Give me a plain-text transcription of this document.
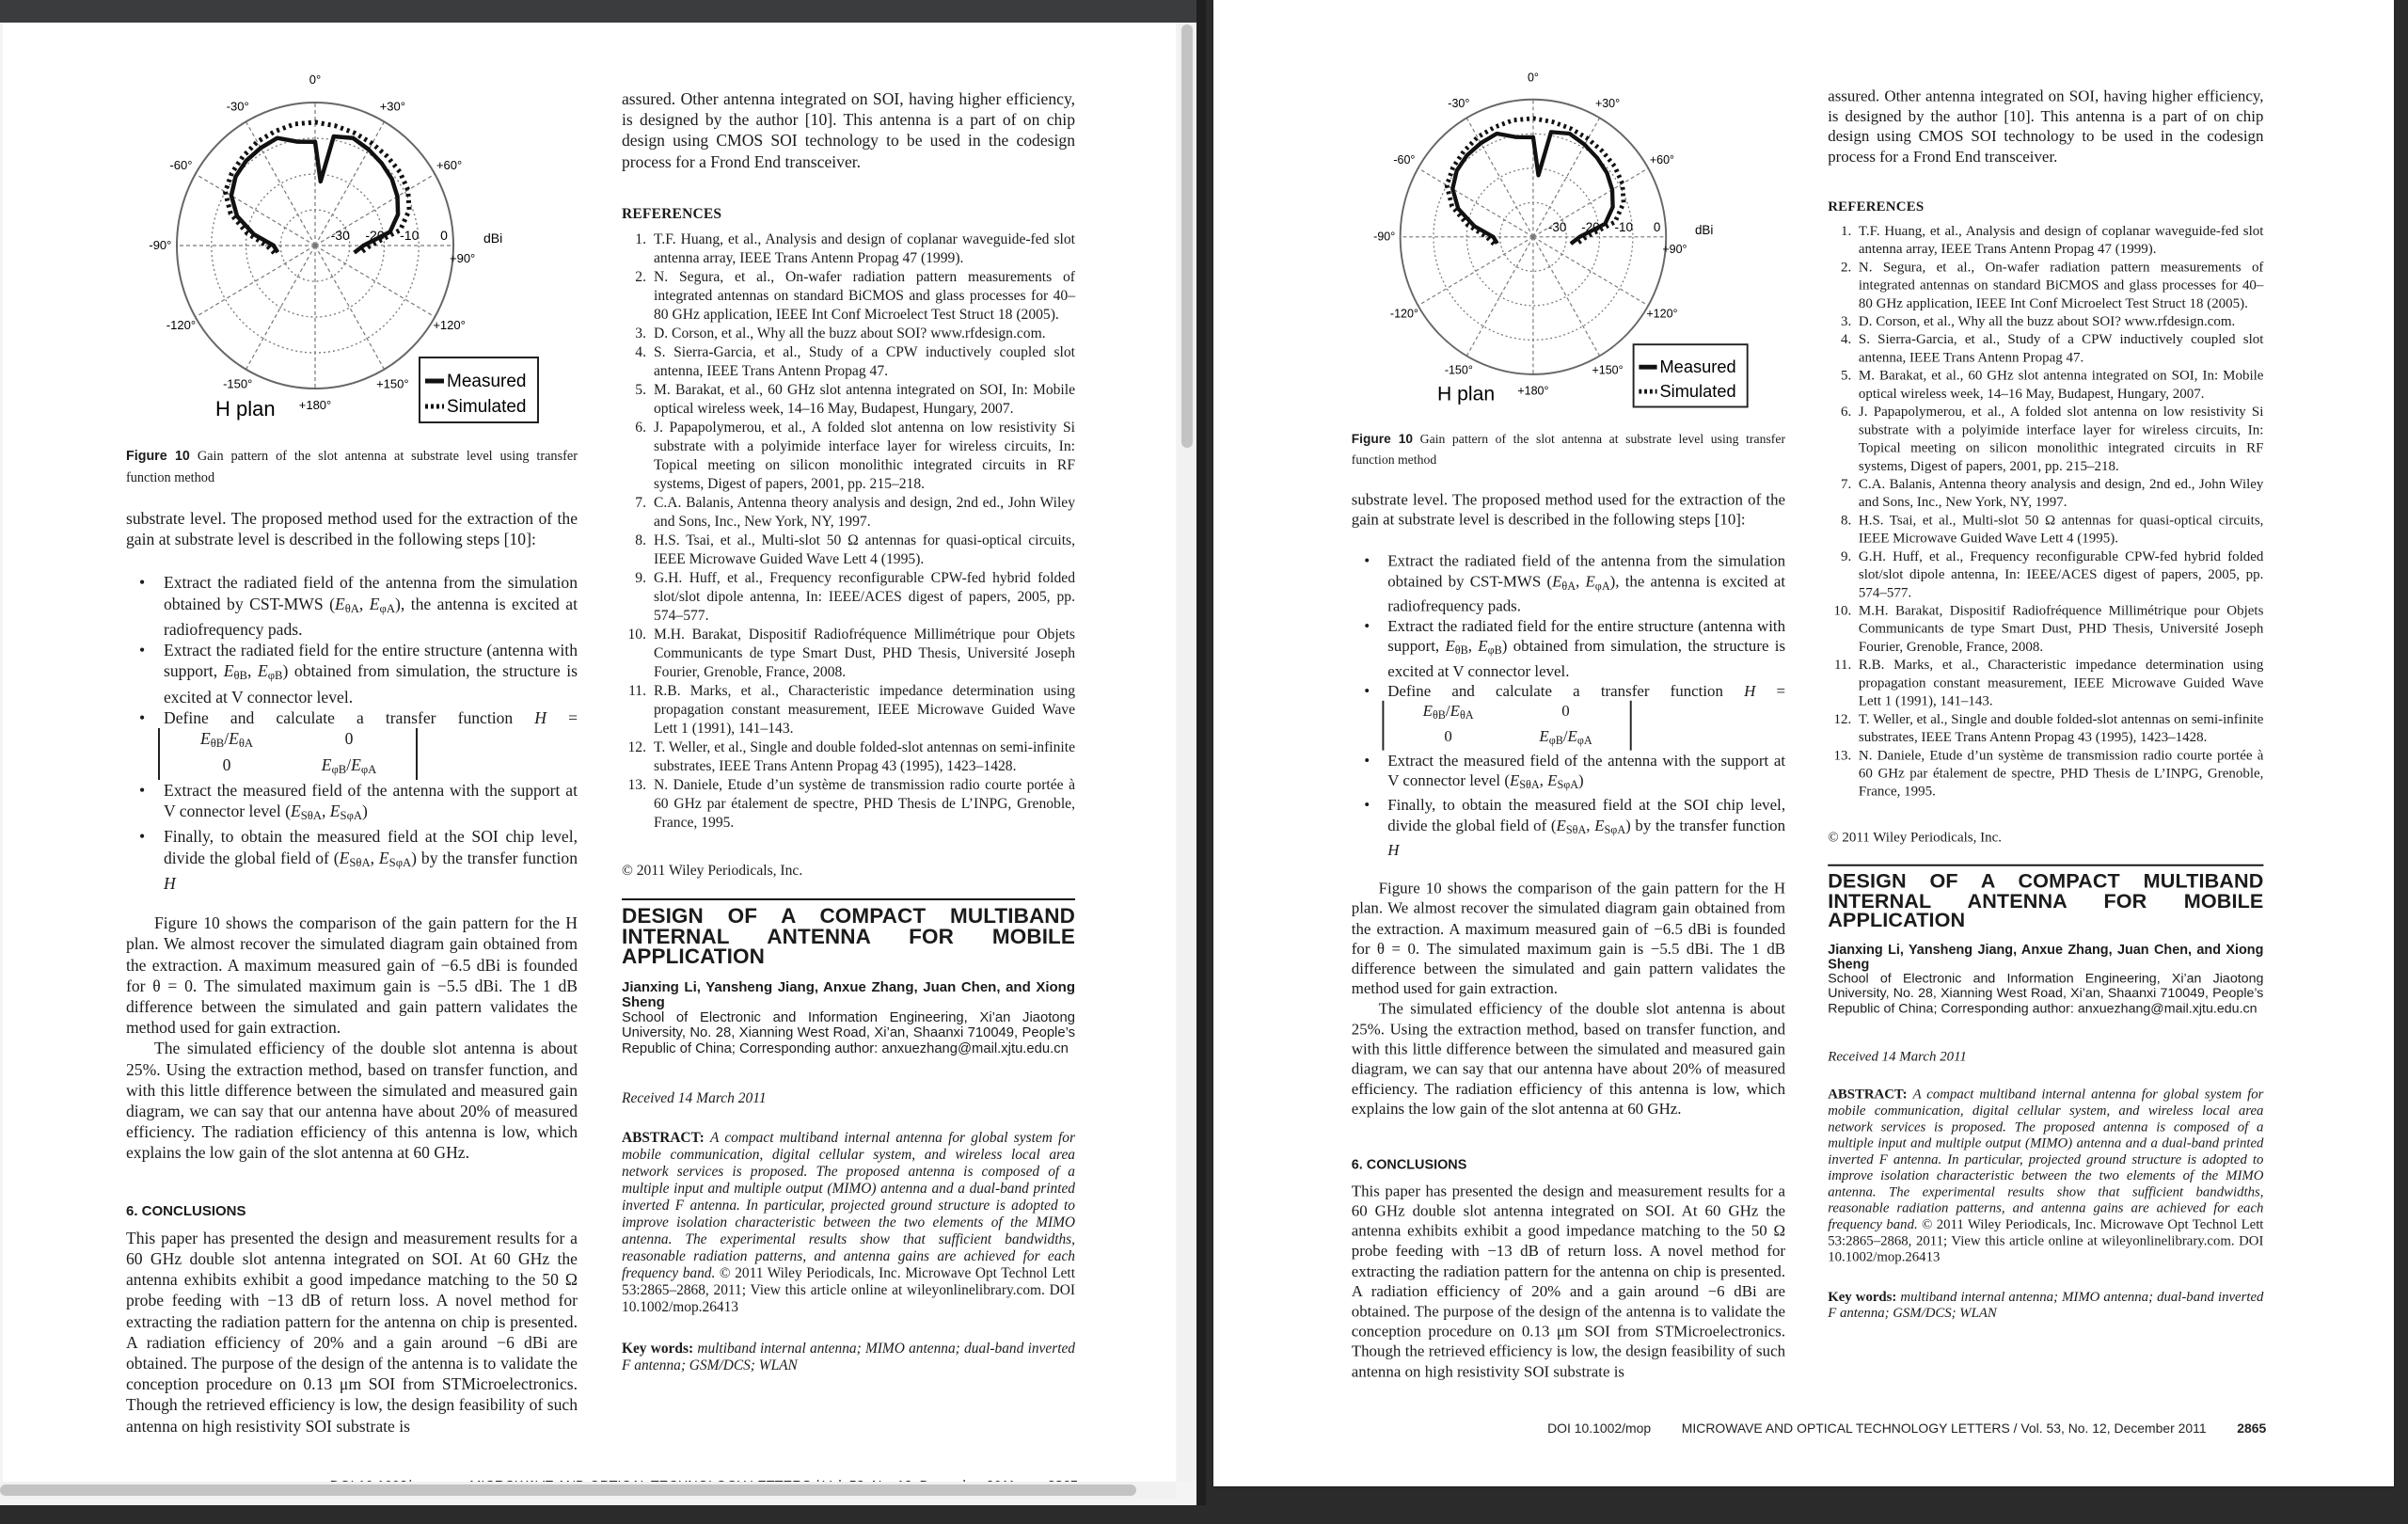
0°
+30°
+60°
+90°
+120°
+150°
+180°
-150°
-120°
-90°
-60°
-30°
-30 -20 -10 0	dBi
H plan
Measured
Simulated
Figure 10 Gain pattern of the slot antenna at substrate level using transfer function method

substrate level. The proposed method used for the extraction of the gain at substrate level is described in the following steps [10]:

• Extract the radiated field of the antenna from the simulation obtained by CST-MWS ($E_{\theta A}$, $E_{\varphi A}$), the antenna is excited at radiofrequency pads.
• Extract the radiated field for the entire structure (antenna with support, $E_{\theta B}$, $E_{\varphi B}$) obtained from simulation, the structure is excited at V connector level.
• Define and calculate a transfer function H =
$E_{\theta B}/E_{\theta A}$	0
0	$E_{\varphi B}/E_{\varphi A}$
• Extract the measured field of the antenna with the support at V connector level ($E_{S\theta A}$, $E_{S\varphi A}$)
• Finally, to obtain the measured field at the SOI chip level, divide the global field of ($E_{S\theta A}$, $E_{S\varphi A}$) by the transfer function H

Figure 10 shows the comparison of the gain pattern for the H plan. We almost recover the simulated diagram gain obtained from the extraction. A maximum measured gain of −6.5 dBi is founded for θ = 0. The simulated maximum gain is −5.5 dBi. The 1 dB difference between the simulated and gain pattern validates the method used for gain extraction.

The simulated efficiency of the double slot antenna is about 25%. Using the extraction method, based on transfer function, and with this little difference between the simulated and measured gain diagram, we can say that our antenna have about 20% of measured efficiency. The radiation efficiency of this antenna is low, which explains the low gain of the slot antenna at 60 GHz.

6. CONCLUSIONS

This paper has presented the design and measurement results for a 60 GHz double slot antenna integrated on SOI. At 60 GHz the antenna exhibits exhibit a good impedance matching to the 50 Ω probe feeding with −13 dB of return loss. A novel method for extracting the radiation pattern for the antenna on chip is presented. A radiation efficiency of 20% and a gain around −6 dBi are obtained. The purpose of the design of the antenna is to validate the conception procedure on 0.13 μm SOI from STMicroelectronics. Though the retrieved efficiency is low, the design feasibility of such antenna on high resistivity SOI substrate is

assured. Other antenna integrated on SOI, having higher efficiency, is designed by the author [10]. This antenna is a part of on chip design using CMOS SOI technology to be used in the codesign process for a Frond End transceiver.

REFERENCES
1. T.F. Huang, et al., Analysis and design of coplanar waveguide-fed slot antenna array, IEEE Trans Antenn Propag 47 (1999).
2. N. Segura, et al., On-wafer radiation pattern measurements of integrated antennas on standard BiCMOS and glass processes for 40–80 GHz application, IEEE Int Conf Microelect Test Struct 18 (2005).
3. D. Corson, et al., Why all the buzz about SOI? www.rfdesign.com.
4. S. Sierra-Garcia, et al., Study of a CPW inductively coupled slot antenna, IEEE Trans Antenn Propag 47.
5. M. Barakat, et al., 60 GHz slot antenna integrated on SOI, In: Mobile optical wireless week, 14–16 May, Budapest, Hungary, 2007.
6. J. Papapolymerou, et al., A folded slot antenna on low resistivity Si substrate with a polyimide interface layer for wireless circuits, In: Topical meeting on silicon monolithic integrated circuits in RF systems, Digest of papers, 2001, pp. 215–218.
7. C.A. Balanis, Antenna theory analysis and design, 2nd ed., John Wiley and Sons, Inc., New York, NY, 1997.
8. H.S. Tsai, et al., Multi-slot 50 Ω antennas for quasi-optical circuits, IEEE Microwave Guided Wave Lett 4 (1995).
9. G.H. Huff, et al., Frequency reconfigurable CPW-fed hybrid folded slot/slot dipole antenna, In: IEEE/ACES digest of papers, 2005, pp. 574–577.
10. M.H. Barakat, Dispositif Radiofréquence Millimétrique pour Objets Communicants de type Smart Dust, PHD Thesis, Université Joseph Fourier, Grenoble, France, 2008.
11. R.B. Marks, et al., Characteristic impedance determination using propagation constant measurement, IEEE Microwave Guided Wave Lett 1 (1991), 141–143.
12. T. Weller, et al., Single and double folded-slot antennas on semi-infinite substrates, IEEE Trans Antenn Propag 43 (1995), 1423–1428.
13. N. Daniele, Etude d’un système de transmission radio courte portée à 60 GHz par étalement de spectre, PHD Thesis de L’INPG, Grenoble, France, 1995.
© 2011 Wiley Periodicals, Inc.
DESIGN OF A COMPACT MULTIBAND INTERNAL ANTENNA FOR MOBILE APPLICATION
Jianxing Li, Yansheng Jiang, Anxue Zhang, Juan Chen, and Xiong Sheng
School of Electronic and Information Engineering, Xi’an Jiaotong University, No. 28, Xianning West Road, Xi’an, Shaanxi 710049, People’s Republic of China; Corresponding author: anxuezhang@mail.xjtu.edu.cn
Received 14 March 2011
ABSTRACT: A compact multiband internal antenna for global system for mobile communication, digital cellular system, and wireless local area network services is proposed. The proposed antenna is composed of a multiple input and multiple output (MIMO) antenna and a dual-band printed inverted F antenna. In particular, projected ground structure is adopted to improve isolation characteristic between the two elements of the MIMO antenna. The experimental results show that sufficient bandwidths, reasonable radiation patterns, and antenna gains are achieved for each frequency band. © 2011 Wiley Periodicals, Inc. Microwave Opt Technol Lett 53:2865–2868, 2011; View this article online at wileyonlinelibrary.com. DOI 10.1002/mop.26413
Key words: multiband internal antenna; MIMO antenna; dual-band inverted F antenna; GSM/DCS; WLAN
0°
+30°
+60°
+90°
+120°
+150°
+180°
-150°
-120°
-90°
-60°
-30°
-30 -20 -10 0	dBi
H plan
Measured
Simulated
Figure 10 Gain pattern of the slot antenna at substrate level using transfer function method

substrate level. The proposed method used for the extraction of the gain at substrate level is described in the following steps [10]:

• Extract the radiated field of the antenna from the simulation obtained by CST-MWS ($E_{\theta A}$, $E_{\varphi A}$), the antenna is excited at radiofrequency pads.
• Extract the radiated field for the entire structure (antenna with support, $E_{\theta B}$, $E_{\varphi B}$) obtained from simulation, the structure is excited at V connector level.
• Define and calculate a transfer function H =
$E_{\theta B}/E_{\theta A}$	0
0	$E_{\varphi B}/E_{\varphi A}$
• Extract the measured field of the antenna with the support at V connector level ($E_{S\theta A}$, $E_{S\varphi A}$)
• Finally, to obtain the measured field at the SOI chip level, divide the global field of ($E_{S\theta A}$, $E_{S\varphi A}$) by the transfer function H

Figure 10 shows the comparison of the gain pattern for the H plan. We almost recover the simulated diagram gain obtained from the extraction. A maximum measured gain of −6.5 dBi is founded for θ = 0. The simulated maximum gain is −5.5 dBi. The 1 dB difference between the simulated and gain pattern validates the method used for gain extraction.

The simulated efficiency of the double slot antenna is about 25%. Using the extraction method, based on transfer function, and with this little difference between the simulated and measured gain diagram, we can say that our antenna have about 20% of measured efficiency. The radiation efficiency of this antenna is low, which explains the low gain of the slot antenna at 60 GHz.

6. CONCLUSIONS

This paper has presented the design and measurement results for a 60 GHz double slot antenna integrated on SOI. At 60 GHz the antenna exhibits exhibit a good impedance matching to the 50 Ω probe feeding with −13 dB of return loss. A novel method for extracting the radiation pattern for the antenna on chip is presented. A radiation efficiency of 20% and a gain around −6 dBi are obtained. The purpose of the design of the antenna is to validate the conception procedure on 0.13 μm SOI from STMicroelectronics. Though the retrieved efficiency is low, the design feasibility of such antenna on high resistivity SOI substrate is

assured. Other antenna integrated on SOI, having higher efficiency, is designed by the author [10]. This antenna is a part of on chip design using CMOS SOI technology to be used in the codesign process for a Frond End transceiver.

REFERENCES
1. T.F. Huang, et al., Analysis and design of coplanar waveguide-fed slot antenna array, IEEE Trans Antenn Propag 47 (1999).
2. N. Segura, et al., On-wafer radiation pattern measurements of integrated antennas on standard BiCMOS and glass processes for 40–80 GHz application, IEEE Int Conf Microelect Test Struct 18 (2005).
3. D. Corson, et al., Why all the buzz about SOI? www.rfdesign.com.
4. S. Sierra-Garcia, et al., Study of a CPW inductively coupled slot antenna, IEEE Trans Antenn Propag 47.
5. M. Barakat, et al., 60 GHz slot antenna integrated on SOI, In: Mobile optical wireless week, 14–16 May, Budapest, Hungary, 2007.
6. J. Papapolymerou, et al., A folded slot antenna on low resistivity Si substrate with a polyimide interface layer for wireless circuits, In: Topical meeting on silicon monolithic integrated circuits in RF systems, Digest of papers, 2001, pp. 215–218.
7. C.A. Balanis, Antenna theory analysis and design, 2nd ed., John Wiley and Sons, Inc., New York, NY, 1997.
8. H.S. Tsai, et al., Multi-slot 50 Ω antennas for quasi-optical circuits, IEEE Microwave Guided Wave Lett 4 (1995).
9. G.H. Huff, et al., Frequency reconfigurable CPW-fed hybrid folded slot/slot dipole antenna, In: IEEE/ACES digest of papers, 2005, pp. 574–577.
10. M.H. Barakat, Dispositif Radiofréquence Millimétrique pour Objets Communicants de type Smart Dust, PHD Thesis, Université Joseph Fourier, Grenoble, France, 2008.
11. R.B. Marks, et al., Characteristic impedance determination using propagation constant measurement, IEEE Microwave Guided Wave Lett 1 (1991), 141–143.
12. T. Weller, et al., Single and double folded-slot antennas on semi-infinite substrates, IEEE Trans Antenn Propag 43 (1995), 1423–1428.
13. N. Daniele, Etude d’un système de transmission radio courte portée à 60 GHz par étalement de spectre, PHD Thesis de L’INPG, Grenoble, France, 1995.
© 2011 Wiley Periodicals, Inc.
DESIGN OF A COMPACT MULTIBAND INTERNAL ANTENNA FOR MOBILE APPLICATION
Jianxing Li, Yansheng Jiang, Anxue Zhang, Juan Chen, and Xiong Sheng
School of Electronic and Information Engineering, Xi’an Jiaotong University, No. 28, Xianning West Road, Xi’an, Shaanxi 710049, People’s Republic of China; Corresponding author: anxuezhang@mail.xjtu.edu.cn
Received 14 March 2011
ABSTRACT: A compact multiband internal antenna for global system for mobile communication, digital cellular system, and wireless local area network services is proposed. The proposed antenna is composed of a multiple input and multiple output (MIMO) antenna and a dual-band printed inverted F antenna. In particular, projected ground structure is adopted to improve isolation characteristic between the two elements of the MIMO antenna. The experimental results show that sufficient bandwidths, reasonable radiation patterns, and antenna gains are achieved for each frequency band. © 2011 Wiley Periodicals, Inc. Microwave Opt Technol Lett 53:2865–2868, 2011; View this article online at wileyonlinelibrary.com. DOI 10.1002/mop.26413
Key words: multiband internal antenna; MIMO antenna; dual-band inverted F antenna; GSM/DCS; WLAN
DOI 10.1002/mop MICROWAVE AND OPTICAL TECHNOLOGY LETTERS / Vol. 53, No. 12, December 2011 2865
